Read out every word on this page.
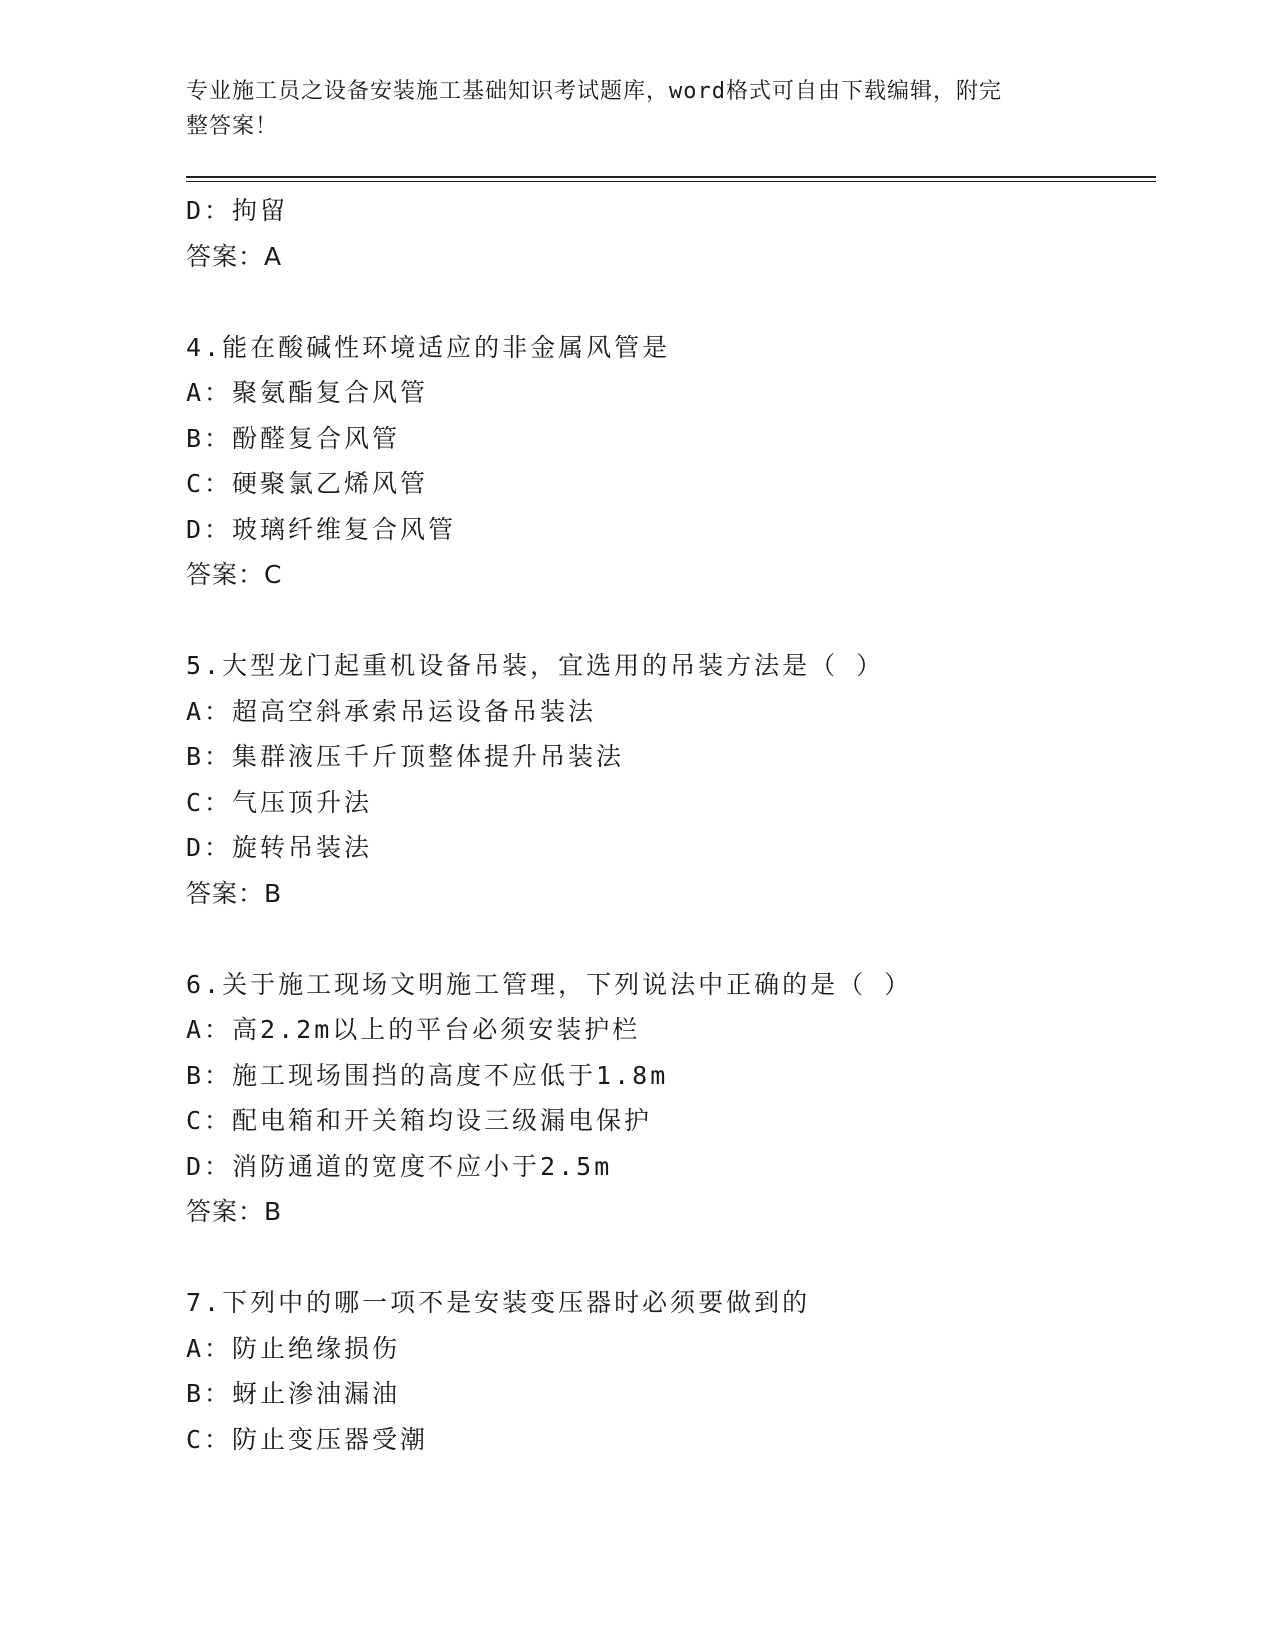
专业施工员之设备安装施工基础知识考试题库，word格式可自由下载编辑，附完
整答案！
D：拘留
答案：A
4.能在酸碱性环境适应的非金属风管是
A：聚氨酯复合风管
B：酚醛复合风管
C：硬聚氯乙烯风管
D：玻璃纤维复合风管
答案：C
5.大型龙门起重机设备吊装，宜选用的吊装方法是（ ）
A：超高空斜承索吊运设备吊装法
B：集群液压千斤顶整体提升吊装法
C：气压顶升法
D：旋转吊装法
答案：B
6.关于施工现场文明施工管理，下列说法中正确的是（ ）
A：高2.2m以上的平台必须安装护栏
B：施工现场围挡的高度不应低于1.8m
C：配电箱和开关箱均设三级漏电保护
D：消防通道的宽度不应小于2.5m
答案：B
7.下列中的哪一项不是安装变压器时必须要做到的
A：防止绝缘损伤
B：蚜止渗油漏油
C：防止变压器受潮
